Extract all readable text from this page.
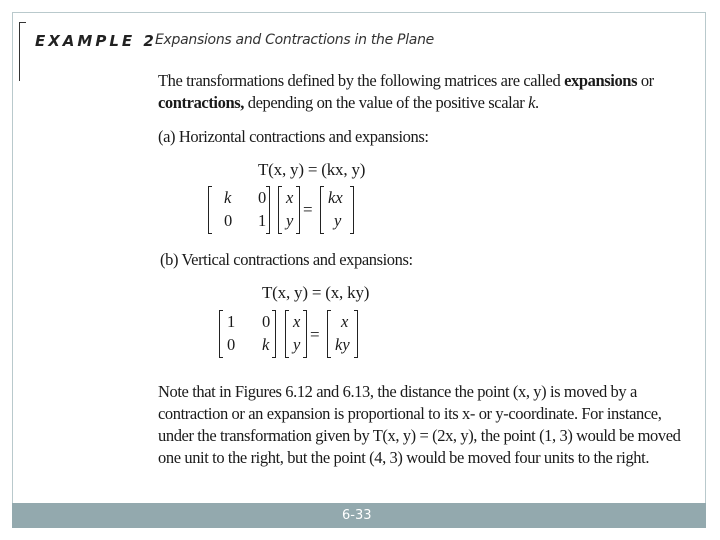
EXAMPLE 2
Expansions and Contractions in the Plane
The transformations defined by the following matrices are called expansions or contractions, depending on the value of the positive scalar k.
(a) Horizontal contractions and expansions:
T(x, y) = (kx, y)
k 0
0 1
x
y
=
kx
y
(b) Vertical contractions and expansions:
T(x, y) = (x, ky)
1 0
0 k
x
y
=
x
ky
Note that in Figures 6.12 and 6.13, the distance the point (x, y) is moved by a contraction or an expansion is proportional to its x- or y-coordinate. For instance, under the transformation given by T(x, y) = (2x, y), the point (1, 3) would be moved one unit to the right, but the point (4, 3) would be moved four units to the right.
6-33
